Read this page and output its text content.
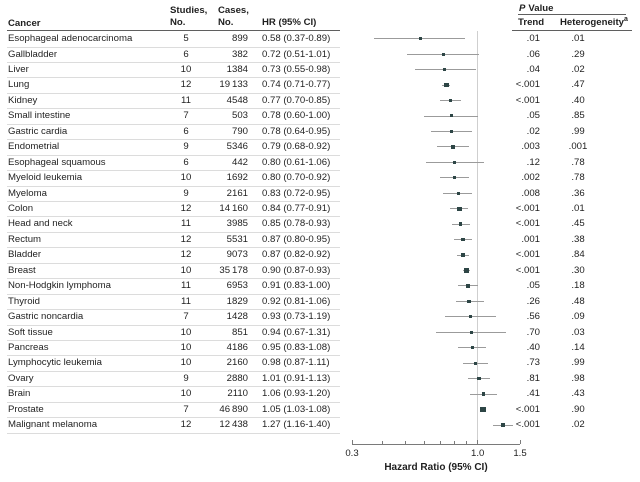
Cancer
Studies,
No.
Cases,
No.	HR (95% CI)
P Value
Trend Heterogeneity$^a$
Esophageal adenocarcinoma	5	899 0.58 (0.37-0.89)	.01	.01
Gallbladder	6	382 0.72 (0.51-1.01)	.06	.29
Liver	10	1384 0.73 (0.55-0.98)	.04	.02
Lung	12	19 133 0.74 (0.71-0.77)	<.001	.47
Kidney	11	4548 0.77 (0.70-0.85)	<.001	.40
Small intestine	7	503 0.78 (0.60-1.00)	.05	.85
Gastric cardia	6	790 0.78 (0.64-0.95)	.02	.99
Endometrial	9	5346 0.79 (0.68-0.92)	.003	.001
Esophageal squamous	6	442 0.80 (0.61-1.06)	.12	.78
Myeloid leukemia	10	1692 0.80 (0.70-0.92)	.002	.78
Myeloma	9	2161 0.83 (0.72-0.95)	.008	.36
Colon	12	14 160 0.84 (0.77-0.91)	<.001	.01
Head and neck	11	3985 0.85 (0.78-0.93)	<.001	.45
Rectum	12	5531 0.87 (0.80-0.95)	.001	.38
Bladder	12	9073 0.87 (0.82-0.92)	<.001	.84
Breast	10	35 178 0.90 (0.87-0.93)	<.001	.30
Non-Hodgkin lymphoma	11	6953 0.91 (0.83-1.00)	.05	.18
Thyroid	11	1829 0.92 (0.81-1.06)	.26	.48
Gastric noncardia	7	1428 0.93 (0.73-1.19)	.56	.09
Soft tissue	10	851 0.94 (0.67-1.31)	.70	.03
Pancreas	10	4186 0.95 (0.83-1.08)	.40	.14
Lymphocytic leukemia	10	2160 0.98 (0.87-1.11)	.73	.99
Ovary	9	2880 1.01 (0.91-1.13)	.81	.98
Brain	10	2110 1.06 (0.93-1.20)	.41	.43
Prostate	7	46 890 1.05 (1.03-1.08)	<.001	.90
Malignant melanoma	12	12 438 1.27 (1.16-1.40)	<.001	.02
0.3	1.0	1.5
Hazard Ratio (95% CI)
